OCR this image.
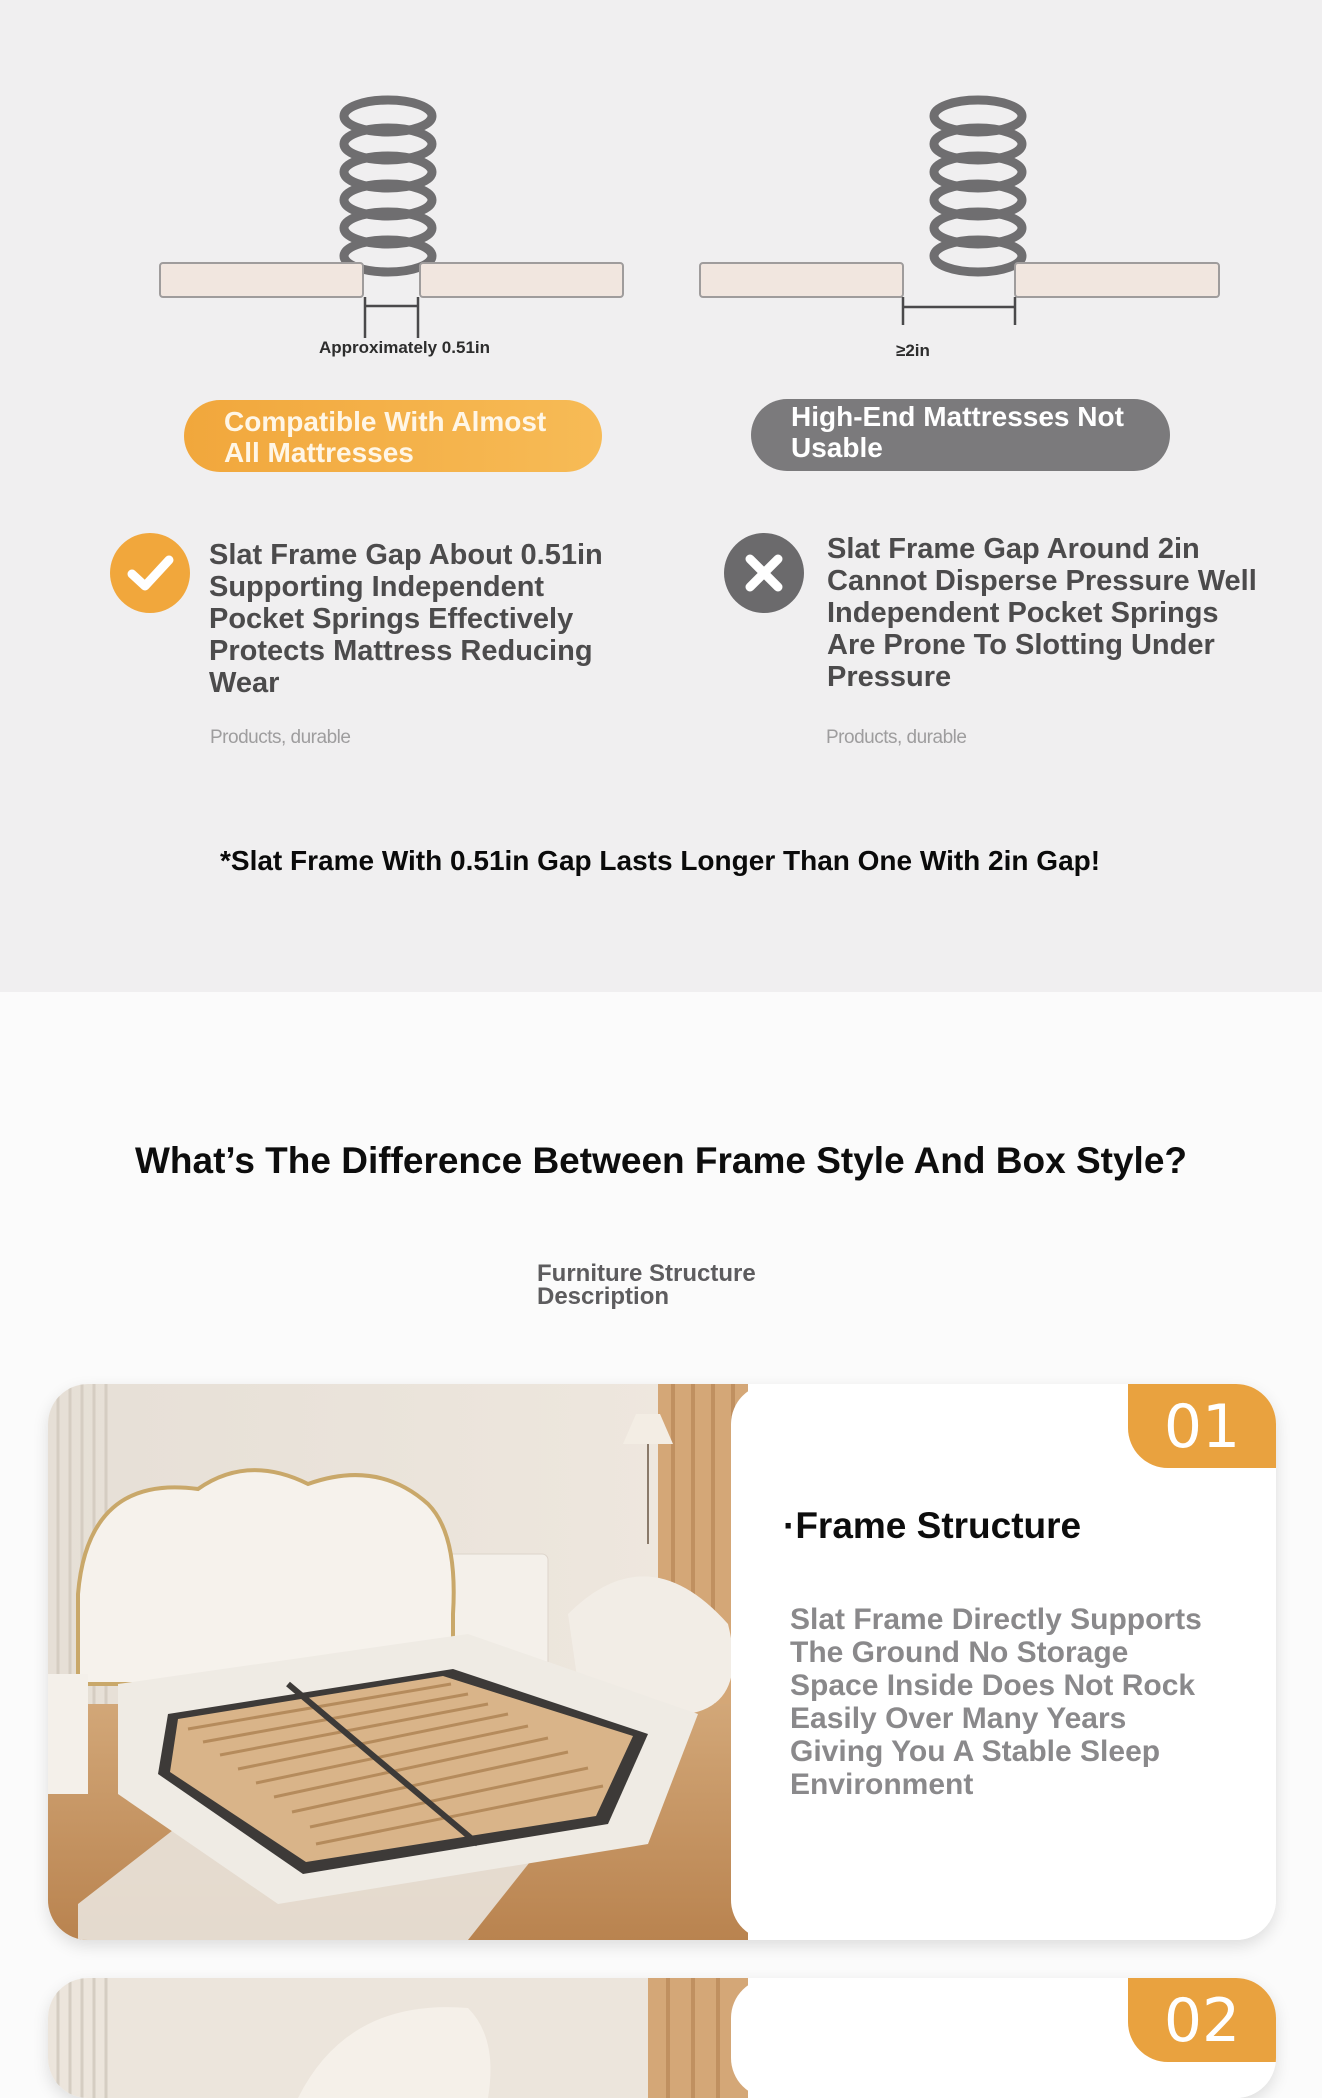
Approximately 0.51in	≥2in
Compatible With Almost All Mattresses
High-End Mattresses Not Usable
Slat Frame Gap About 0.51in Supporting Independent Pocket Springs Effectively Protects Mattress Reducing Wear
Slat Frame Gap Around 2in Cannot Disperse Pressure Well Independent Pocket Springs Are Prone To Slotting Under Pressure
Products, durable	Products, durable
*Slat Frame With 0.51in Gap Lasts Longer Than One With 2in Gap!
What’s The Difference Between Frame Style And Box Style?
Furniture Structure Description
01
·Frame Structure
Slat Frame Directly Supports The Ground No Storage Space Inside Does Not Rock Easily Over Many Years Giving You A Stable Sleep Environment
02
